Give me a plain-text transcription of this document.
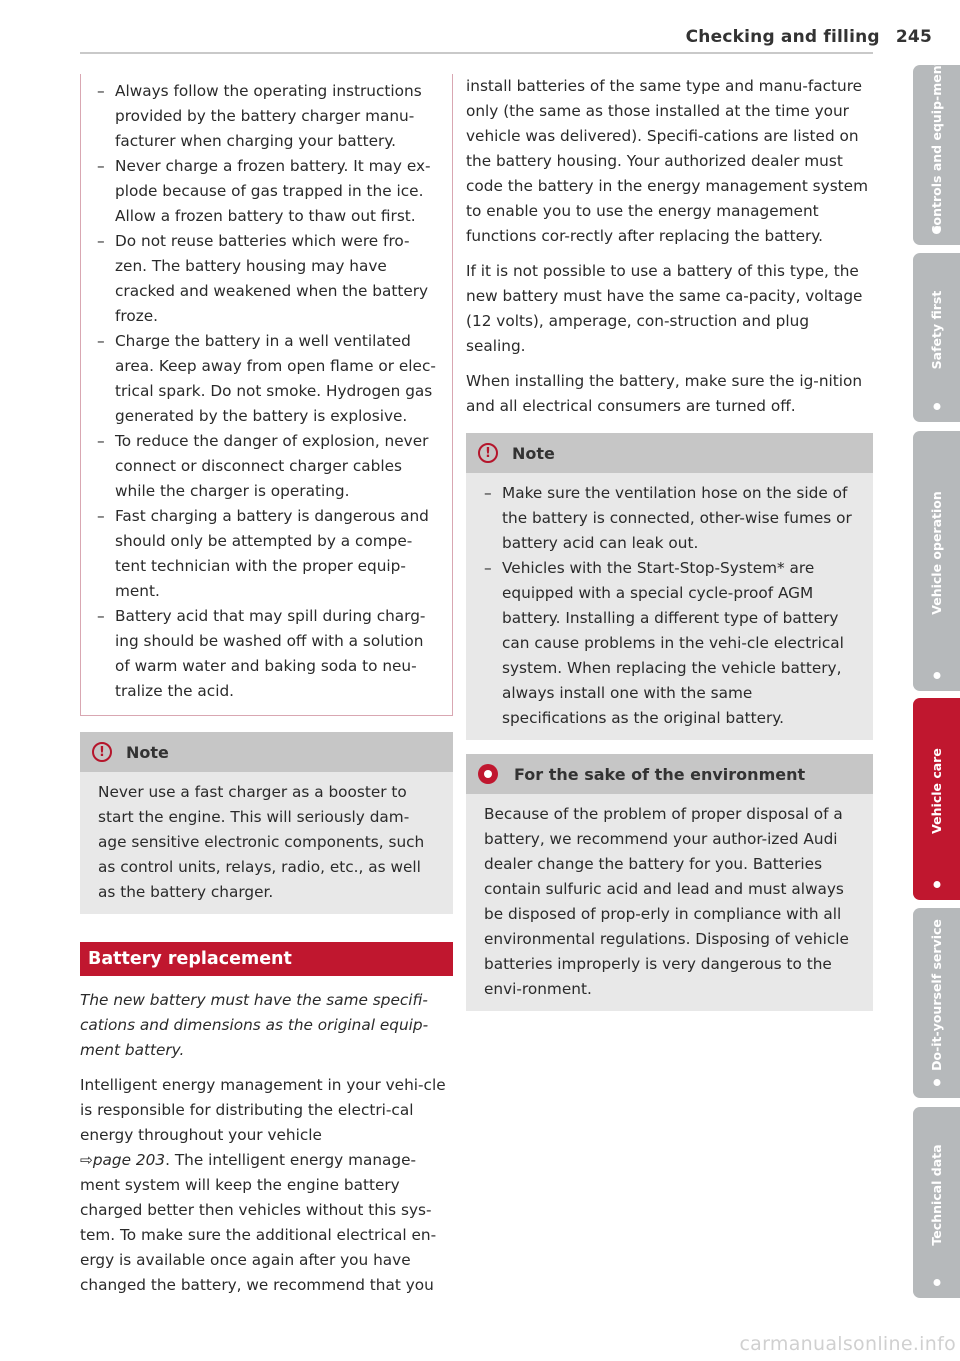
Checking and filling 245
– Always follow the operating instructions provided by the battery charger manu-facturer when charging your battery.
– Never charge a frozen battery. It may ex-plode because of gas trapped in the ice. Allow a frozen battery to thaw out first.
– Do not reuse batteries which were fro-zen. The battery housing may have cracked and weakened when the battery froze.
– Charge the battery in a well ventilated area. Keep away from open flame or elec-trical spark. Do not smoke. Hydrogen gas generated by the battery is explosive.
– To reduce the danger of explosion, never connect or disconnect charger cables while the charger is operating.
– Fast charging a battery is dangerous and should only be attempted by a compe-tent technician with the proper equip-ment.
– Battery acid that may spill during charg-ing should be washed off with a solution of warm water and baking soda to neu-tralize the acid.
!	Note
Never use a fast charger as a booster to start the engine. This will seriously dam-age sensitive electronic components, such as control units, relays, radio, etc., as well as the battery charger.
Battery replacement

The new battery must have the same specifi-cations and dimensions as the original equip-ment battery.

Intelligent energy management in your vehi-cle is responsible for distributing the electri-cal energy throughout your vehicle
⇨page 203. The intelligent energy manage-ment system will keep the engine battery charged better then vehicles without this sys-tem. To make sure the additional electrical en-ergy is available once again after you have changed the battery, we recommend that you

install batteries of the same type and manu-facture only (the same as those installed at the time your vehicle was delivered). Specifi-cations are listed on the battery housing. Your authorized dealer must code the battery in the energy management system to enable you to use the energy management functions cor-rectly after replacing the battery.

If it is not possible to use a battery of this type, the new battery must have the same ca-pacity, voltage (12 volts), amperage, con-struction and plug sealing.

When installing the battery, make sure the ig-nition and all electrical consumers are turned off.

!	Note
– Make sure the ventilation hose on the side of the battery is connected, other-wise fumes or battery acid can leak out.
– Vehicles with the Start-Stop-System* are equipped with a special cycle-proof AGM battery. Installing a different type of battery can cause problems in the vehi-cle electrical system. When replacing the vehicle battery, always install one with the same specifications as the original battery.
For the sake of the environment
Because of the problem of proper disposal of a battery, we recommend your author-ized Audi dealer change the battery for you. Batteries contain sulfuric acid and lead and must always be disposed of prop-erly in compliance with all environmental regulations. Disposing of vehicle batteries improperly is very dangerous to the envi-ronment.
Controls and equip-ment
Safety first
Vehicle operation
Vehicle care
Do-it-yourself service
Technical data
carmanualsonline.info
